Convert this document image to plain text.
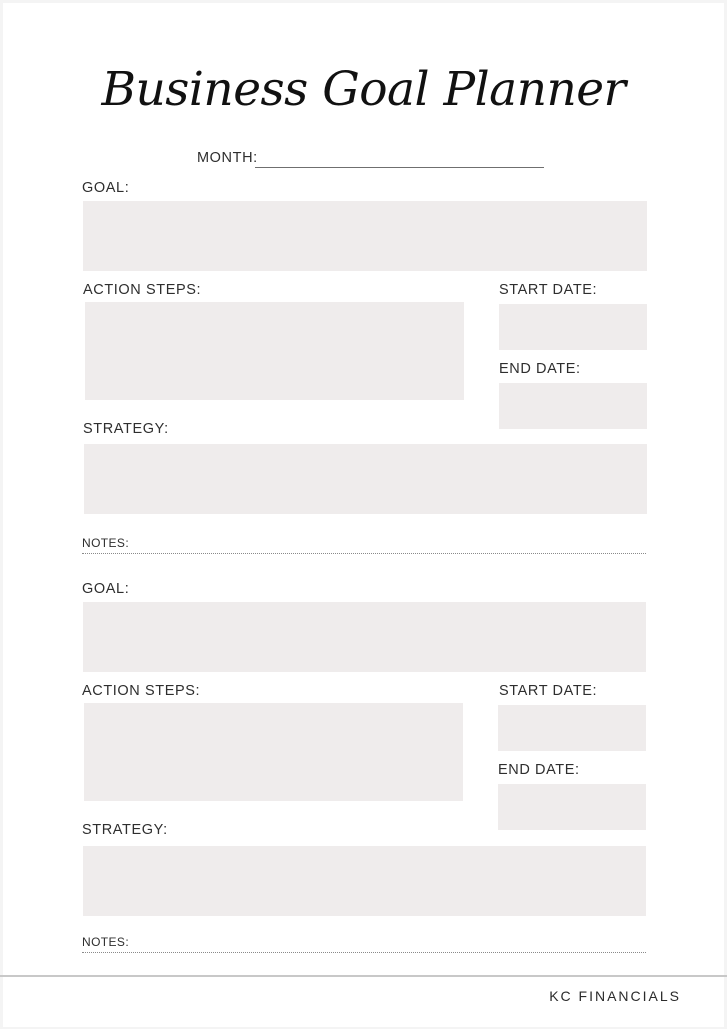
Business Goal Planner
MONTH:
GOAL:
ACTION STEPS:	START DATE:
END DATE:
STRATEGY:
NOTES:
GOAL:
ACTION STEPS:	START DATE:
END DATE:
STRATEGY:
NOTES:
KC FINANCIALS
